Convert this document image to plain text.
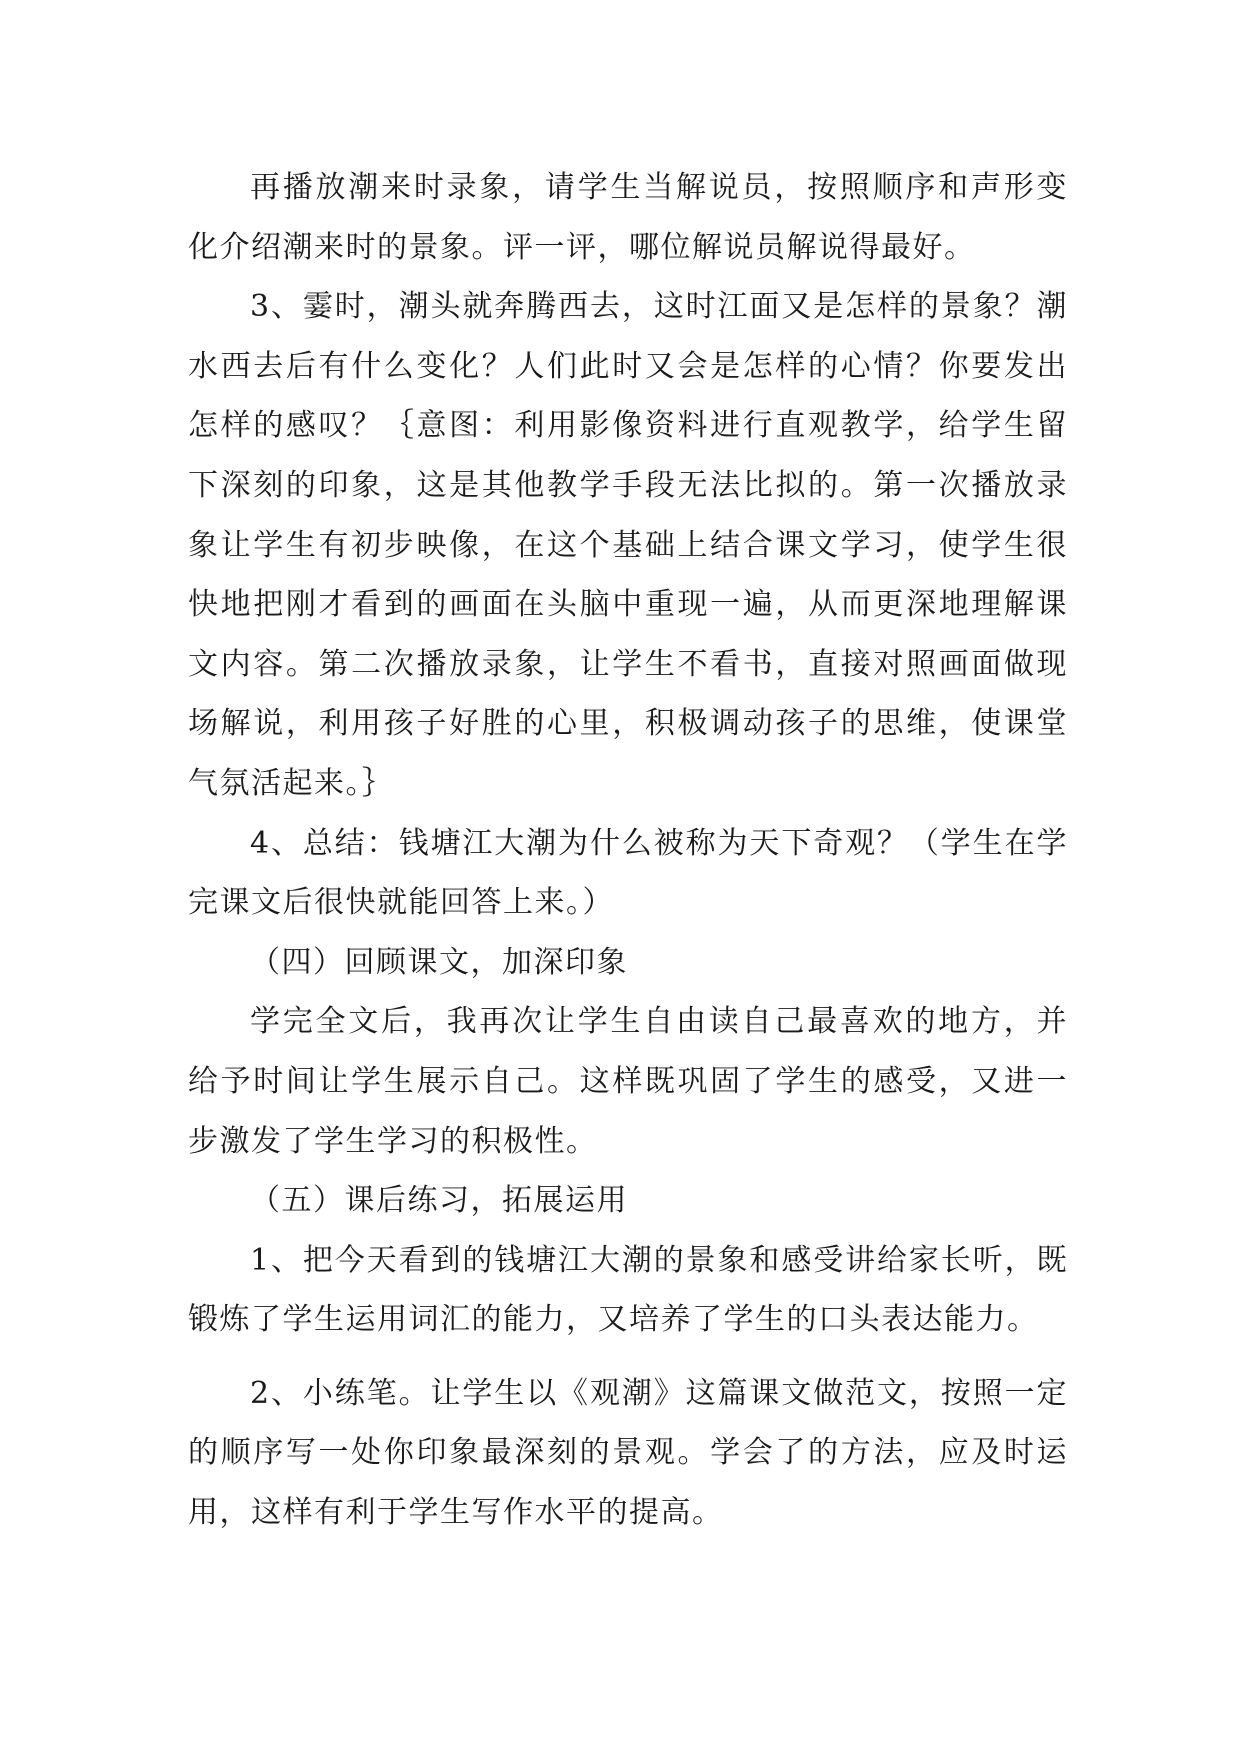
再播放潮来时录象，请学生当解说员，按照顺序和声形变化介绍潮来时的景象。评一评，哪位解说员解说得最好。

3、霎时，潮头就奔腾西去，这时江面又是怎样的景象？潮水西去后有什么变化？人们此时又会是怎样的心情？你要发出怎样的感叹？｛意图：利用影像资料进行直观教学，给学生留下深刻的印象，这是其他教学手段无法比拟的。第一次播放录象让学生有初步映像，在这个基础上结合课文学习，使学生很快地把刚才看到的画面在头脑中重现一遍，从而更深地理解课文内容。第二次播放录象，让学生不看书，直接对照画面做现场解说，利用孩子好胜的心里，积极调动孩子的思维，使课堂气氛活起来。｝

4、总结：钱塘江大潮为什么被称为天下奇观？（学生在学完课文后很快就能回答上来。）

（四）回顾课文，加深印象

学完全文后，我再次让学生自由读自己最喜欢的地方，并给予时间让学生展示自己。这样既巩固了学生的感受，又进一步激发了学生学习的积极性。

（五）课后练习，拓展运用

1、把今天看到的钱塘江大潮的景象和感受讲给家长听，既锻炼了学生运用词汇的能力，又培养了学生的口头表达能力。

2、小练笔。让学生以《观潮》这篇课文做范文，按照一定的顺序写一处你印象最深刻的景观。学会了的方法，应及时运用，这样有利于学生写作水平的提高。
